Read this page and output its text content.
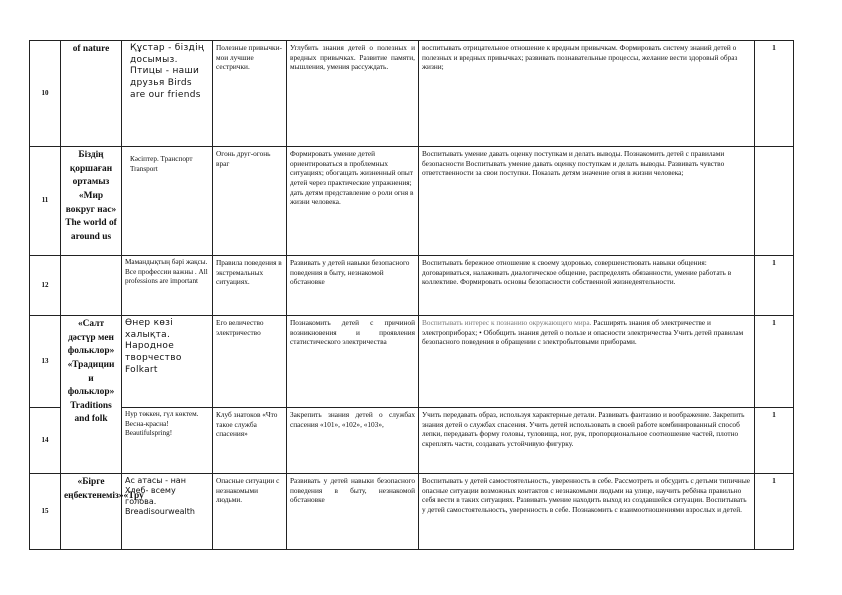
10	of nature	Құстар - біздің досымыз. Птицы - наши друзья Birds are our friends	Полезные привычки- мои лучшие сестрички.	Углубить знания детей о полезных и вредных привычках. Развитие памяти, мышления, умения рассуждать.	воспитывать отрицательное отношение к вредным привычкам. Формировать систему знаний детей о полезных и вредных привычках; развивать познавательные процессы, желание вести здоровый образ жизни;	1
11	Біздің қоршаған ортамыз «Мир вокруг нас» The world of around us	Кәсіптер. Транспорт Transport	Огонь друг-огонь враг	Формировать умение детей ориентироваться в проблемных ситуациях; обогащать жизненный опыт детей через практические упражнения; дать детям представление о роли огня в жизни человека.	Воспитывать умение давать оценку поступкам и делать выводы. Познакомить детей с правилами безопасности Воспитывать умение давать оценку поступкам и делать выводы. Развивать чувство ответственности за свои поступки. Показать детям значение огня в жизни человека;	
12		Мамандықтың бәрі жақсы. Все профессии важны . All professions are important	Правила поведения в экстремальных ситуациях.	Развивать у детей навыки безопасного поведения в быту, незнакомой обстановке	Воспитывать бережное отношение к своему здоровью, совершенствовать навыки общения: договариваться, налаживать диалогическое общение, распределять обязанности, умение работать в коллективе. Формировать основы безопасности собственной жизнедеятельности.	1
13	«Салт дәстүр мен фольклор» «Традиции и фольклор» Traditions and folk	Өнер көзі халықта. Народное творчество Folkart	Его величество электричество	Познакомить детей с причиной возникновения и проявления статистического электричества	Воспитывать интерес к познанию окружающего мира. Расширять знания об электричестве и электроприборах; • Обобщить знания детей о пользе и опасности электричества Учить детей правилам безопасного поведения в обращении с электробытовыми приборами.	1
14		Нур төккен, гүл көктем. Весна-красна! Beautifulspring!	Клуб знатоков «Что такое служба спасения»	Закрепить знания детей о службах спасения «101», «102», «103»,	Учить передавать образ, используя характерные детали. Развивать фантазию и воображение. Закрепить знания детей о службах спасения. Учить детей использовать в своей работе комбинированный способ лепки, передавать форму головы, туловища, ног, рук, пропорциональное соотношение частей, плотно скреплять части, создавать устойчивую фигурку.	1
15	«Бірге еңбектенеміз»«Тру	Ас атасы - нан Хлеб- всему голова. Breadisourwealth	Опасные ситуации с незнакомыми людьми.	Развивать у детей навыки безопасного поведения в быту, незнакомой обстановке	Воспитывать у детей самостоятельность, уверенность в себе. Рассмотреть и обсудить с детьми типичные опасные ситуации возможных контактов с незнакомыми людьми на улице, научить ребёнка правильно себя вести в таких ситуациях. Развивать умение находить выход из создавшейся ситуации. Воспитывать у детей самостоятельность, уверенность в себе. Познакомить с взаимоотношениями взрослых и детей.	1
